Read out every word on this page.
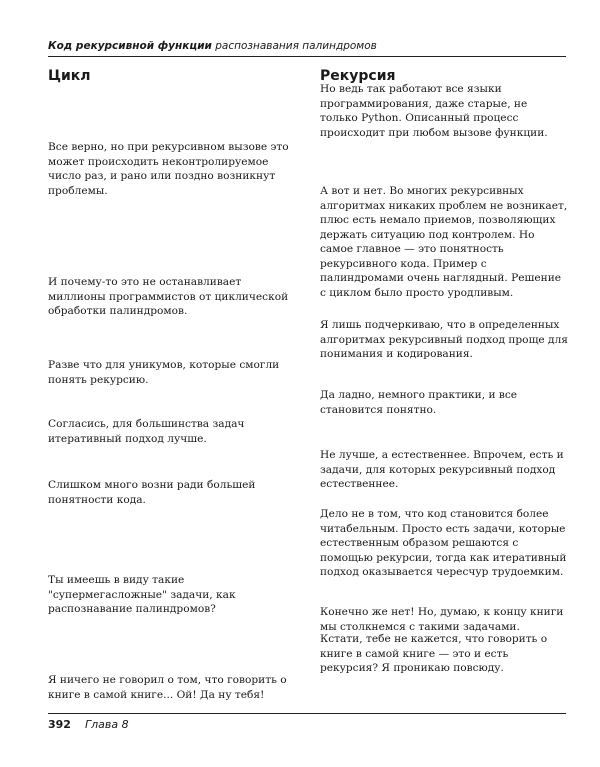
Код рекурсивной функции распознавания палиндромов
Цикл	Рекурсия

Но ведь так работают все языки программирования, даже старые, не только Python. Описанный процесс происходит при любом вызове функции.

Все верно, но при рекурсивном вызове это может происходить неконтролируемое число раз, и рано или поздно возникнут проблемы.	А вот и нет. Во многих рекурсивных алгоритмах никаких проблем не возникает, плюс есть немало приемов, позволяющих держать ситуацию под контролем. Но самое главное — это понятность рекурсивного кода. Пример с палиндромами очень наглядный. Решение с циклом было просто уродливым.

И почему-то это не останавливает миллионы программистов от циклической обработки палиндромов.

Я лишь подчеркиваю, что в определенных алгоритмах рекурсивный подход проще для понимания и кодирования.

Разве что для уникумов, которые смогли понять рекурсию.

Да ладно, немного практики, и все становится понятно.

Согласись, для большинства задач итеративный подход лучше.

Не лучше, а естественнее. Впрочем, есть и задачи, для которых рекурсивный подход естественнее.

Слишком много возни ради большей понятности кода.

Дело не в том, что код становится более читабельным. Просто есть задачи, которые естественным образом решаются с помощью рекурсии, тогда как итеративный подход оказывается чересчур трудоемким.

Ты имеешь в виду такие "супермегасложные" задачи, как распознавание палиндромов?	Конечно же нет! Но, думаю, к концу книги мы столкнемся с такими задачами.

Кстати, тебе не кажется, что говорить о книге в самой книге — это и есть рекурсия? Я проникаю повсюду.

Я ничего не говорил о том, что говорить о книге в самой книге... Ой! Да ну тебя!

392 Глава 8
